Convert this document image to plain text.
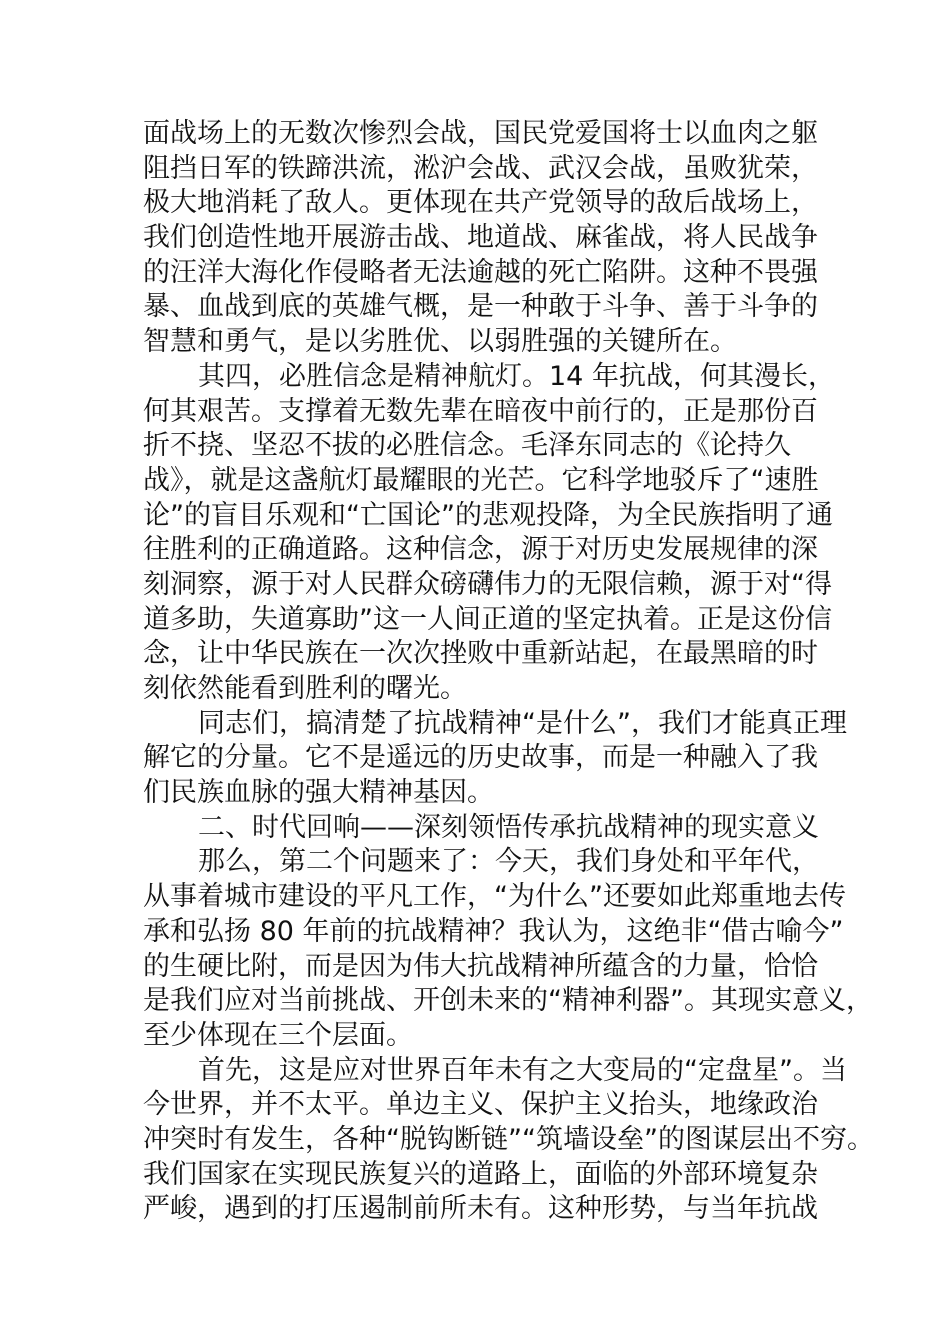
面战场上的无数次惨烈会战，国民党爱国将士以血肉之躯
阻挡日军的铁蹄洪流，淞沪会战、武汉会战，虽败犹荣，
极大地消耗了敌人。更体现在共产党领导的敌后战场上，
我们创造性地开展游击战、地道战、麻雀战，将人民战争
的汪洋大海化作侵略者无法逾越的死亡陷阱。这种不畏强
暴、血战到底的英雄气概，是一种敢于斗争、善于斗争的
智慧和勇气，是以劣胜优、以弱胜强的关键所在。
其四，必胜信念是精神航灯。14 年抗战，何其漫长，
何其艰苦。支撑着无数先辈在暗夜中前行的，正是那份百
折不挠、坚忍不拔的必胜信念。毛泽东同志的《论持久
战》，就是这盏航灯最耀眼的光芒。它科学地驳斥了“速胜
论”的盲目乐观和“亡国论”的悲观投降，为全民族指明了通
往胜利的正确道路。这种信念，源于对历史发展规律的深
刻洞察，源于对人民群众磅礴伟力的无限信赖，源于对“得
道多助，失道寡助”这一人间正道的坚定执着。正是这份信
念，让中华民族在一次次挫败中重新站起，在最黑暗的时
刻依然能看到胜利的曙光。
同志们，搞清楚了抗战精神“是什么”，我们才能真正理
解它的分量。它不是遥远的历史故事，而是一种融入了我
们民族血脉的强大精神基因。
二、时代回响——深刻领悟传承抗战精神的现实意义
那么，第二个问题来了：今天，我们身处和平年代，
从事着城市建设的平凡工作，“为什么”还要如此郑重地去传
承和弘扬 80 年前的抗战精神？我认为，这绝非“借古喻今”
的生硬比附，而是因为伟大抗战精神所蕴含的力量，恰恰
是我们应对当前挑战、开创未来的“精神利器”。其现实意义，
至少体现在三个层面。
首先，这是应对世界百年未有之大变局的“定盘星”。当
今世界，并不太平。单边主义、保护主义抬头，地缘政治
冲突时有发生，各种“脱钩断链”“筑墙设垒”的图谋层出不穷。
我们国家在实现民族复兴的道路上，面临的外部环境复杂
严峻，遇到的打压遏制前所未有。这种形势，与当年抗战
